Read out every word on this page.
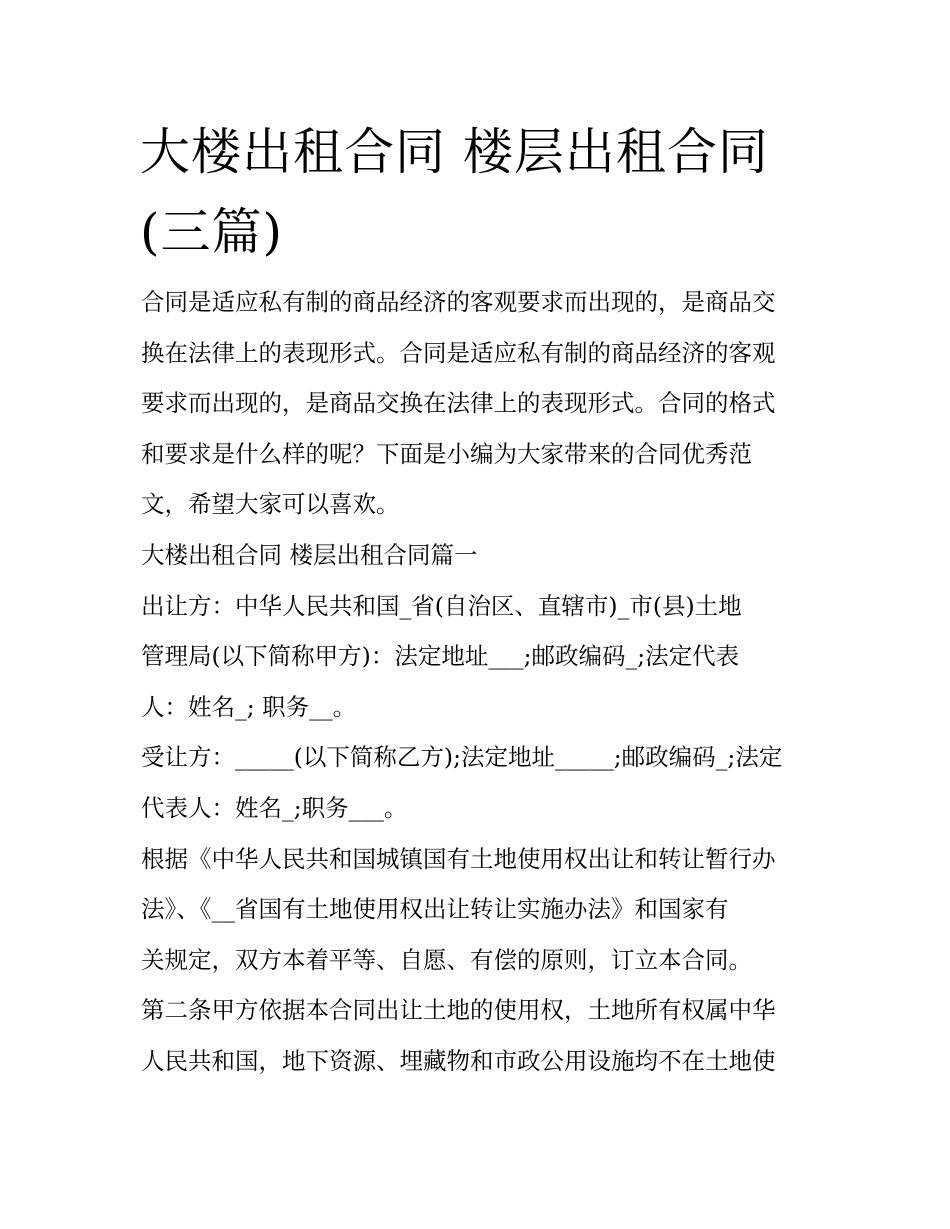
大楼出租合同 楼层出租合同
(三篇)
合同是适应私有制的商品经济的客观要求而出现的，是商品交
换在法律上的表现形式。合同是适应私有制的商品经济的客观
要求而出现的，是商品交换在法律上的表现形式。合同的格式
和要求是什么样的呢？下面是小编为大家带来的合同优秀范
文，希望大家可以喜欢。
大楼出租合同 楼层出租合同篇一
出让方：中华人民共和国_省(自治区、直辖市)_市(县)土地
管理局(以下简称甲方)：法定地址___;邮政编码_;法定代表
人：姓名_; 职务__。
受让方：_____(以下简称乙方);法定地址_____;邮政编码_;法定
代表人：姓名_;职务___。
根据《中华人民共和国城镇国有土地使用权出让和转让暂行办
法》、《__省国有土地使用权出让转让实施办法》和国家有
关规定，双方本着平等、自愿、有偿的原则，订立本合同。
第二条甲方依据本合同出让土地的使用权，土地所有权属中华
人民共和国，地下资源、埋藏物和市政公用设施均不在土地使
